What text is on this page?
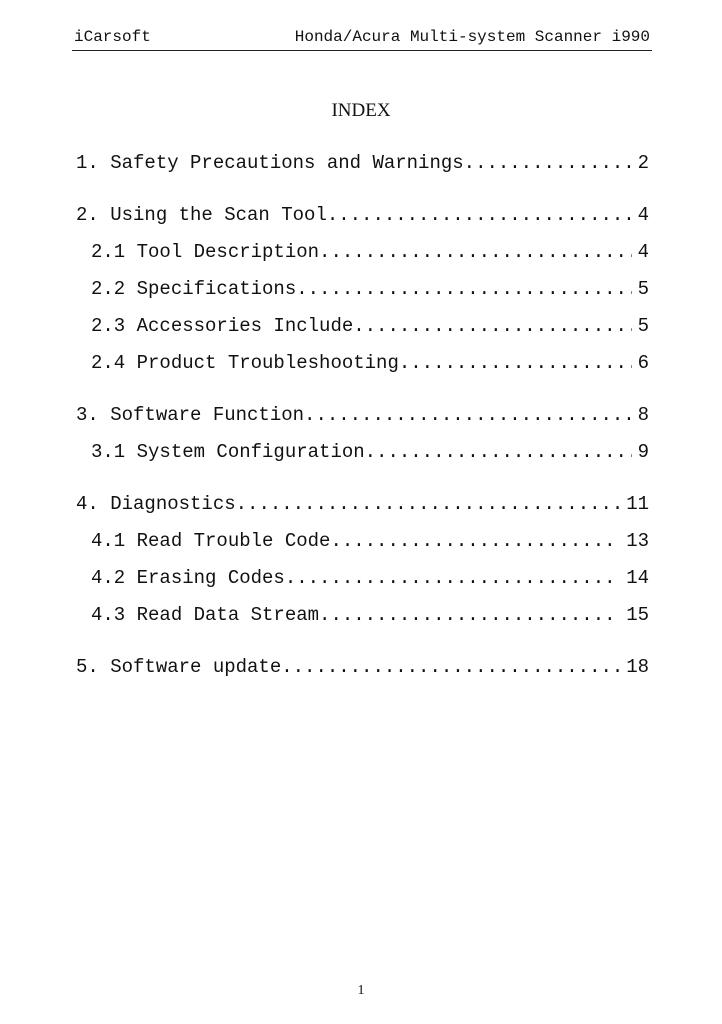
iCarsoft	Honda/Acura Multi-system Scanner i990
INDEX
1. Safety Precautions and Warnings .....	2
2. Using the Scan Tool .....	4
2.1 Tool Description .....	4
2.2 Specifications .....	5
2.3 Accessories Include .....	5
2.4 Product Troubleshooting .....	6
3. Software Function .....	8
3.1 System Configuration .....	9
4. Diagnostics .....	11
4.1 Read Trouble Code .....	13
4.2 Erasing Codes .....	14
4.3 Read Data Stream .....	15
5. Software update .....	18
1
